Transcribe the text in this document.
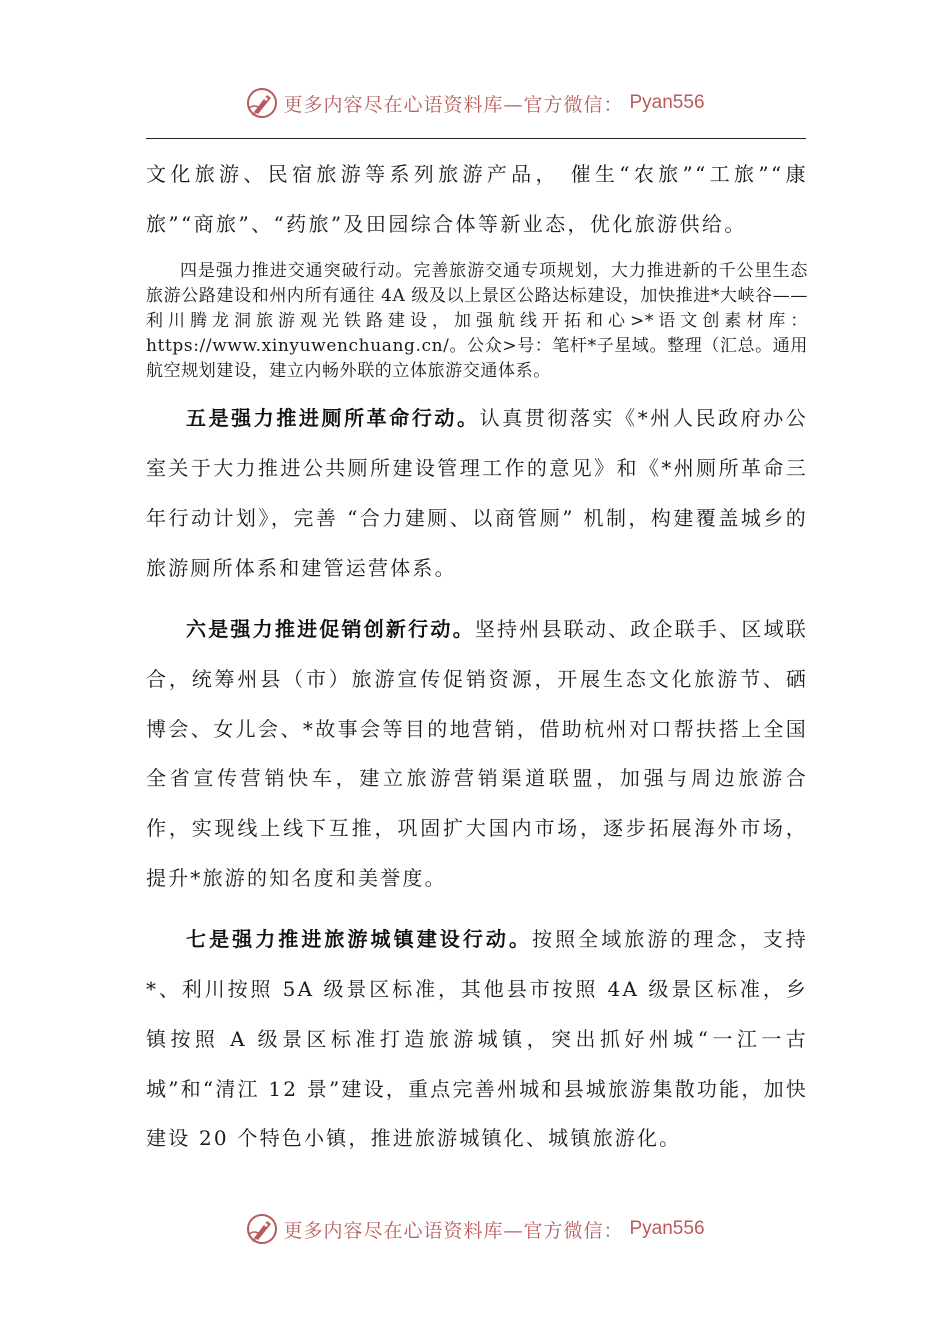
更多内容尽在心语资料库—官方微信： Pyan556

文化旅游、民宿旅游等系列旅游产品， 催生“农旅”“工旅”“康旅”“商旅”、“药旅”及田园综合体等新业态，优化旅游供给。

四是强力推进交通突破行动。完善旅游交通专项规划，大力推进新的千公里生态旅游公路建设和州内所有通往 4A 级及以上景区公路达标建设，加快推进*大峡谷——利川腾龙洞旅游观光铁路建设，加强航线开拓和心>*语文创素材库：https://www.xinyuwenchuang.cn/。公众>号：笔杆*子星域。整理（汇总。通用航空规划建设，建立内畅外联的立体旅游交通体系。

五是强力推进厕所革命行动。认真贯彻落实《*州人民政府办公室关于大力推进公共厕所建设管理工作的意见》和《*州厕所革命三年行动计划》，完善 “合力建厕、以商管厕” 机制，构建覆盖城乡的旅游厕所体系和建管运营体系。

六是强力推进促销创新行动。坚持州县联动、政企联手、区域联合，统筹州县（市）旅游宣传促销资源，开展生态文化旅游节、硒博会、女儿会、*故事会等目的地营销，借助杭州对口帮扶搭上全国全省宣传营销快车，建立旅游营销渠道联盟，加强与周边旅游合作，实现线上线下互推，巩固扩大国内市场，逐步拓展海外市场，提升*旅游的知名度和美誉度。

七是强力推进旅游城镇建设行动。按照全域旅游的理念，支持*、利川按照 5A 级景区标准，其他县市按照 4A 级景区标准，乡镇按照 A 级景区标准打造旅游城镇，突出抓好州城“一江一古城”和“清江 12 景”建设，重点完善州城和县城旅游集散功能，加快建设 20 个特色小镇，推进旅游城镇化、城镇旅游化。

更多内容尽在心语资料库—官方微信： Pyan556
